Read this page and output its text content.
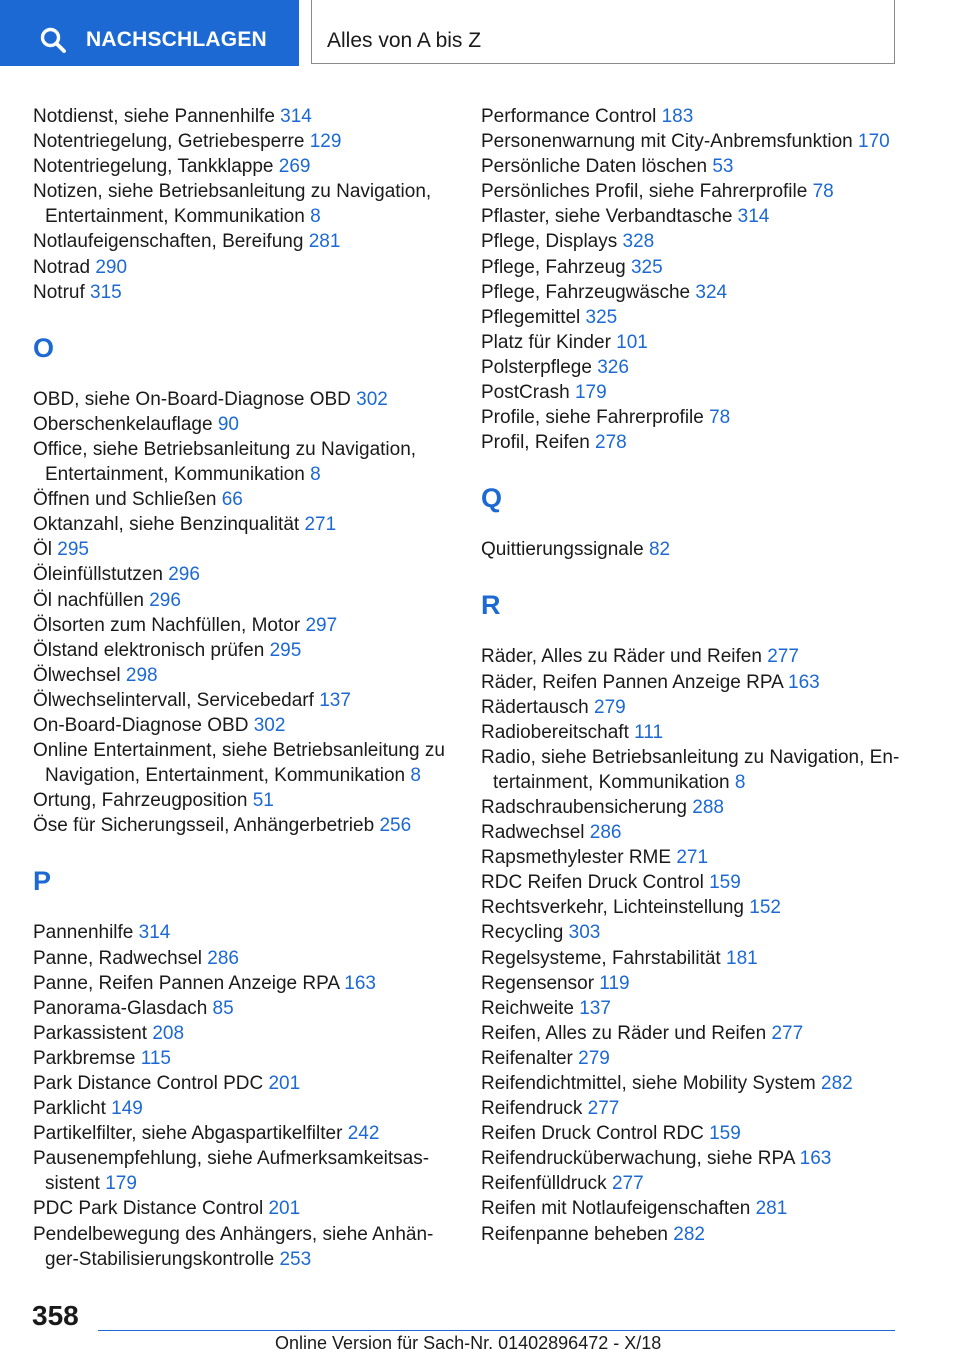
NACHSCHLAGEN	Alles von A bis Z
Notdienst, siehe Pannenhilfe 314
Notentriegelung, Getriebesperre 129
Notentriegelung, Tankklappe 269
Notizen, siehe Betriebsanleitung zu Navigation, Entertainment, Kommunikation 8
Notlaufeigenschaften, Bereifung 281
Notrad 290
Notruf 315
O
OBD, siehe On-Board-Diagnose OBD 302
Oberschenkelauflage 90
Office, siehe Betriebsanleitung zu Navigation, Entertainment, Kommunikation 8
Öffnen und Schließen 66
Oktanzahl, siehe Benzinqualität 271
Öl 295
Öleinfüllstutzen 296
Öl nachfüllen 296
Ölsorten zum Nachfüllen, Motor 297
Ölstand elektronisch prüfen 295
Ölwechsel 298
Ölwechselintervall, Servicebedarf 137
On-Board-Diagnose OBD 302
Online Entertainment, siehe Betriebsanleitung zu Navigation, Entertainment, Kommunikation 8
Ortung, Fahrzeugposition 51
Öse für Sicherungsseil, Anhängerbetrieb 256
P
Pannenhilfe 314
Panne, Radwechsel 286
Panne, Reifen Pannen Anzeige RPA 163
Panorama-Glasdach 85
Parkassistent 208
Parkbremse 115
Park Distance Control PDC 201
Parklicht 149
Partikelfilter, siehe Abgaspartikelfilter 242
Pausenempfehlung, siehe Aufmerksamkeitsassistent 179
PDC Park Distance Control 201
Pendelbewegung des Anhängers, siehe Anhänger-Stabilisierungskontrolle 253
Performance Control 183
Personenwarnung mit City-Anbremsfunktion 170
Persönliche Daten löschen 53
Persönliches Profil, siehe Fahrerprofile 78
Pflaster, siehe Verbandtasche 314
Pflege, Displays 328
Pflege, Fahrzeug 325
Pflege, Fahrzeugwäsche 324
Pflegemittel 325
Platz für Kinder 101
Polsterpflege 326
PostCrash 179
Profile, siehe Fahrerprofile 78
Profil, Reifen 278
Q
Quittierungssignale 82
R
Räder, Alles zu Räder und Reifen 277
Räder, Reifen Pannen Anzeige RPA 163
Rädertausch 279
Radiobereitschaft 111
Radio, siehe Betriebsanleitung zu Navigation, Entertainment, Kommunikation 8
Radschraubensicherung 288
Radwechsel 286
Rapsmethylester RME 271
RDC Reifen Druck Control 159
Rechtsverkehr, Lichteinstellung 152
Recycling 303
Regelsysteme, Fahrstabilität 181
Regensensor 119
Reichweite 137
Reifen, Alles zu Räder und Reifen 277
Reifenalter 279
Reifendichtmittel, siehe Mobility System 282
Reifendruck 277
Reifen Druck Control RDC 159
Reifendrucküberwachung, siehe RPA 163
Reifenfülldruck 277
Reifen mit Notlaufeigenschaften 281
Reifenpanne beheben 282
358
Online Version für Sach-Nr. 01402896472 - X/18
